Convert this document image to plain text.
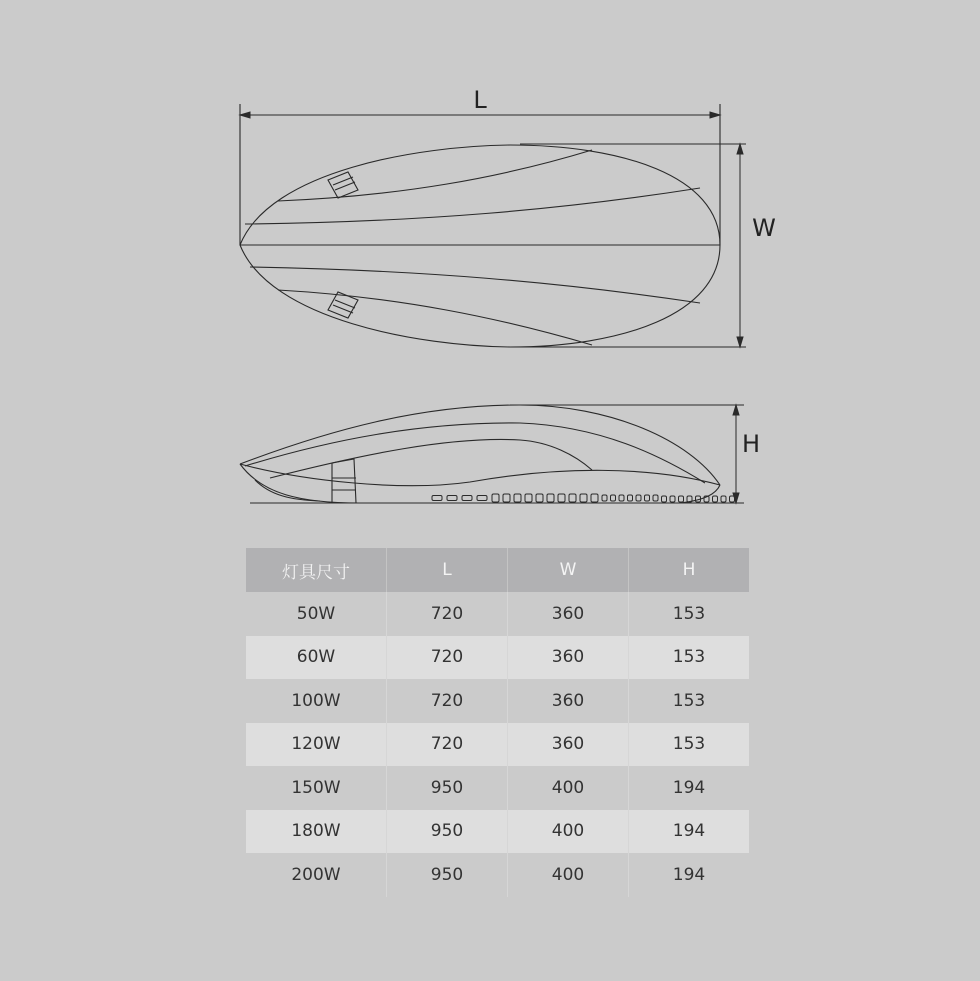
L
W
H
灯具尺寸	L	W	H
50W	720	360	153
60W	720	360	153
100W	720	360	153
120W	720	360	153
150W	950	400	194
180W	950	400	194
200W	950	400	194
